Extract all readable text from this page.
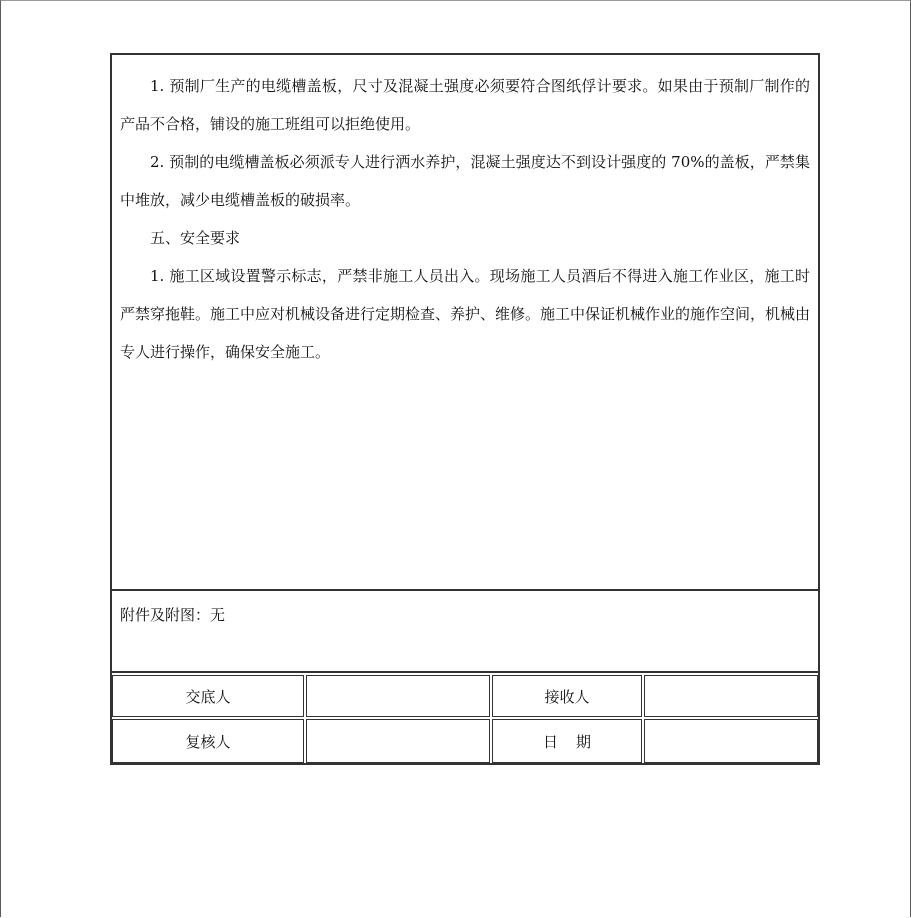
1. 预制厂生产的电缆槽盖板，尺寸及混凝土强度必须要符合图纸俘计要求。如果由于预制厂制作的产品不合格，铺设的施工班组可以拒绝使用。

2. 预制的电缆槽盖板必须派专人进行洒水养护，混凝土强度达不到设计强度的 70%的盖板，严禁集中堆放，减少电缆槽盖板的破损率。

五、安全要求

1. 施工区域设置警示标志，严禁非施工人员出入。现场施工人员酒后不得进入施工作业区，施工时严禁穿拖鞋。施工中应对机械设备进行定期检查、养护、维修。施工中保证机械作业的施作空间，机械由专人进行操作，确保安全施工。

附件及附图：无
交底人	接收人
复核人	日期
